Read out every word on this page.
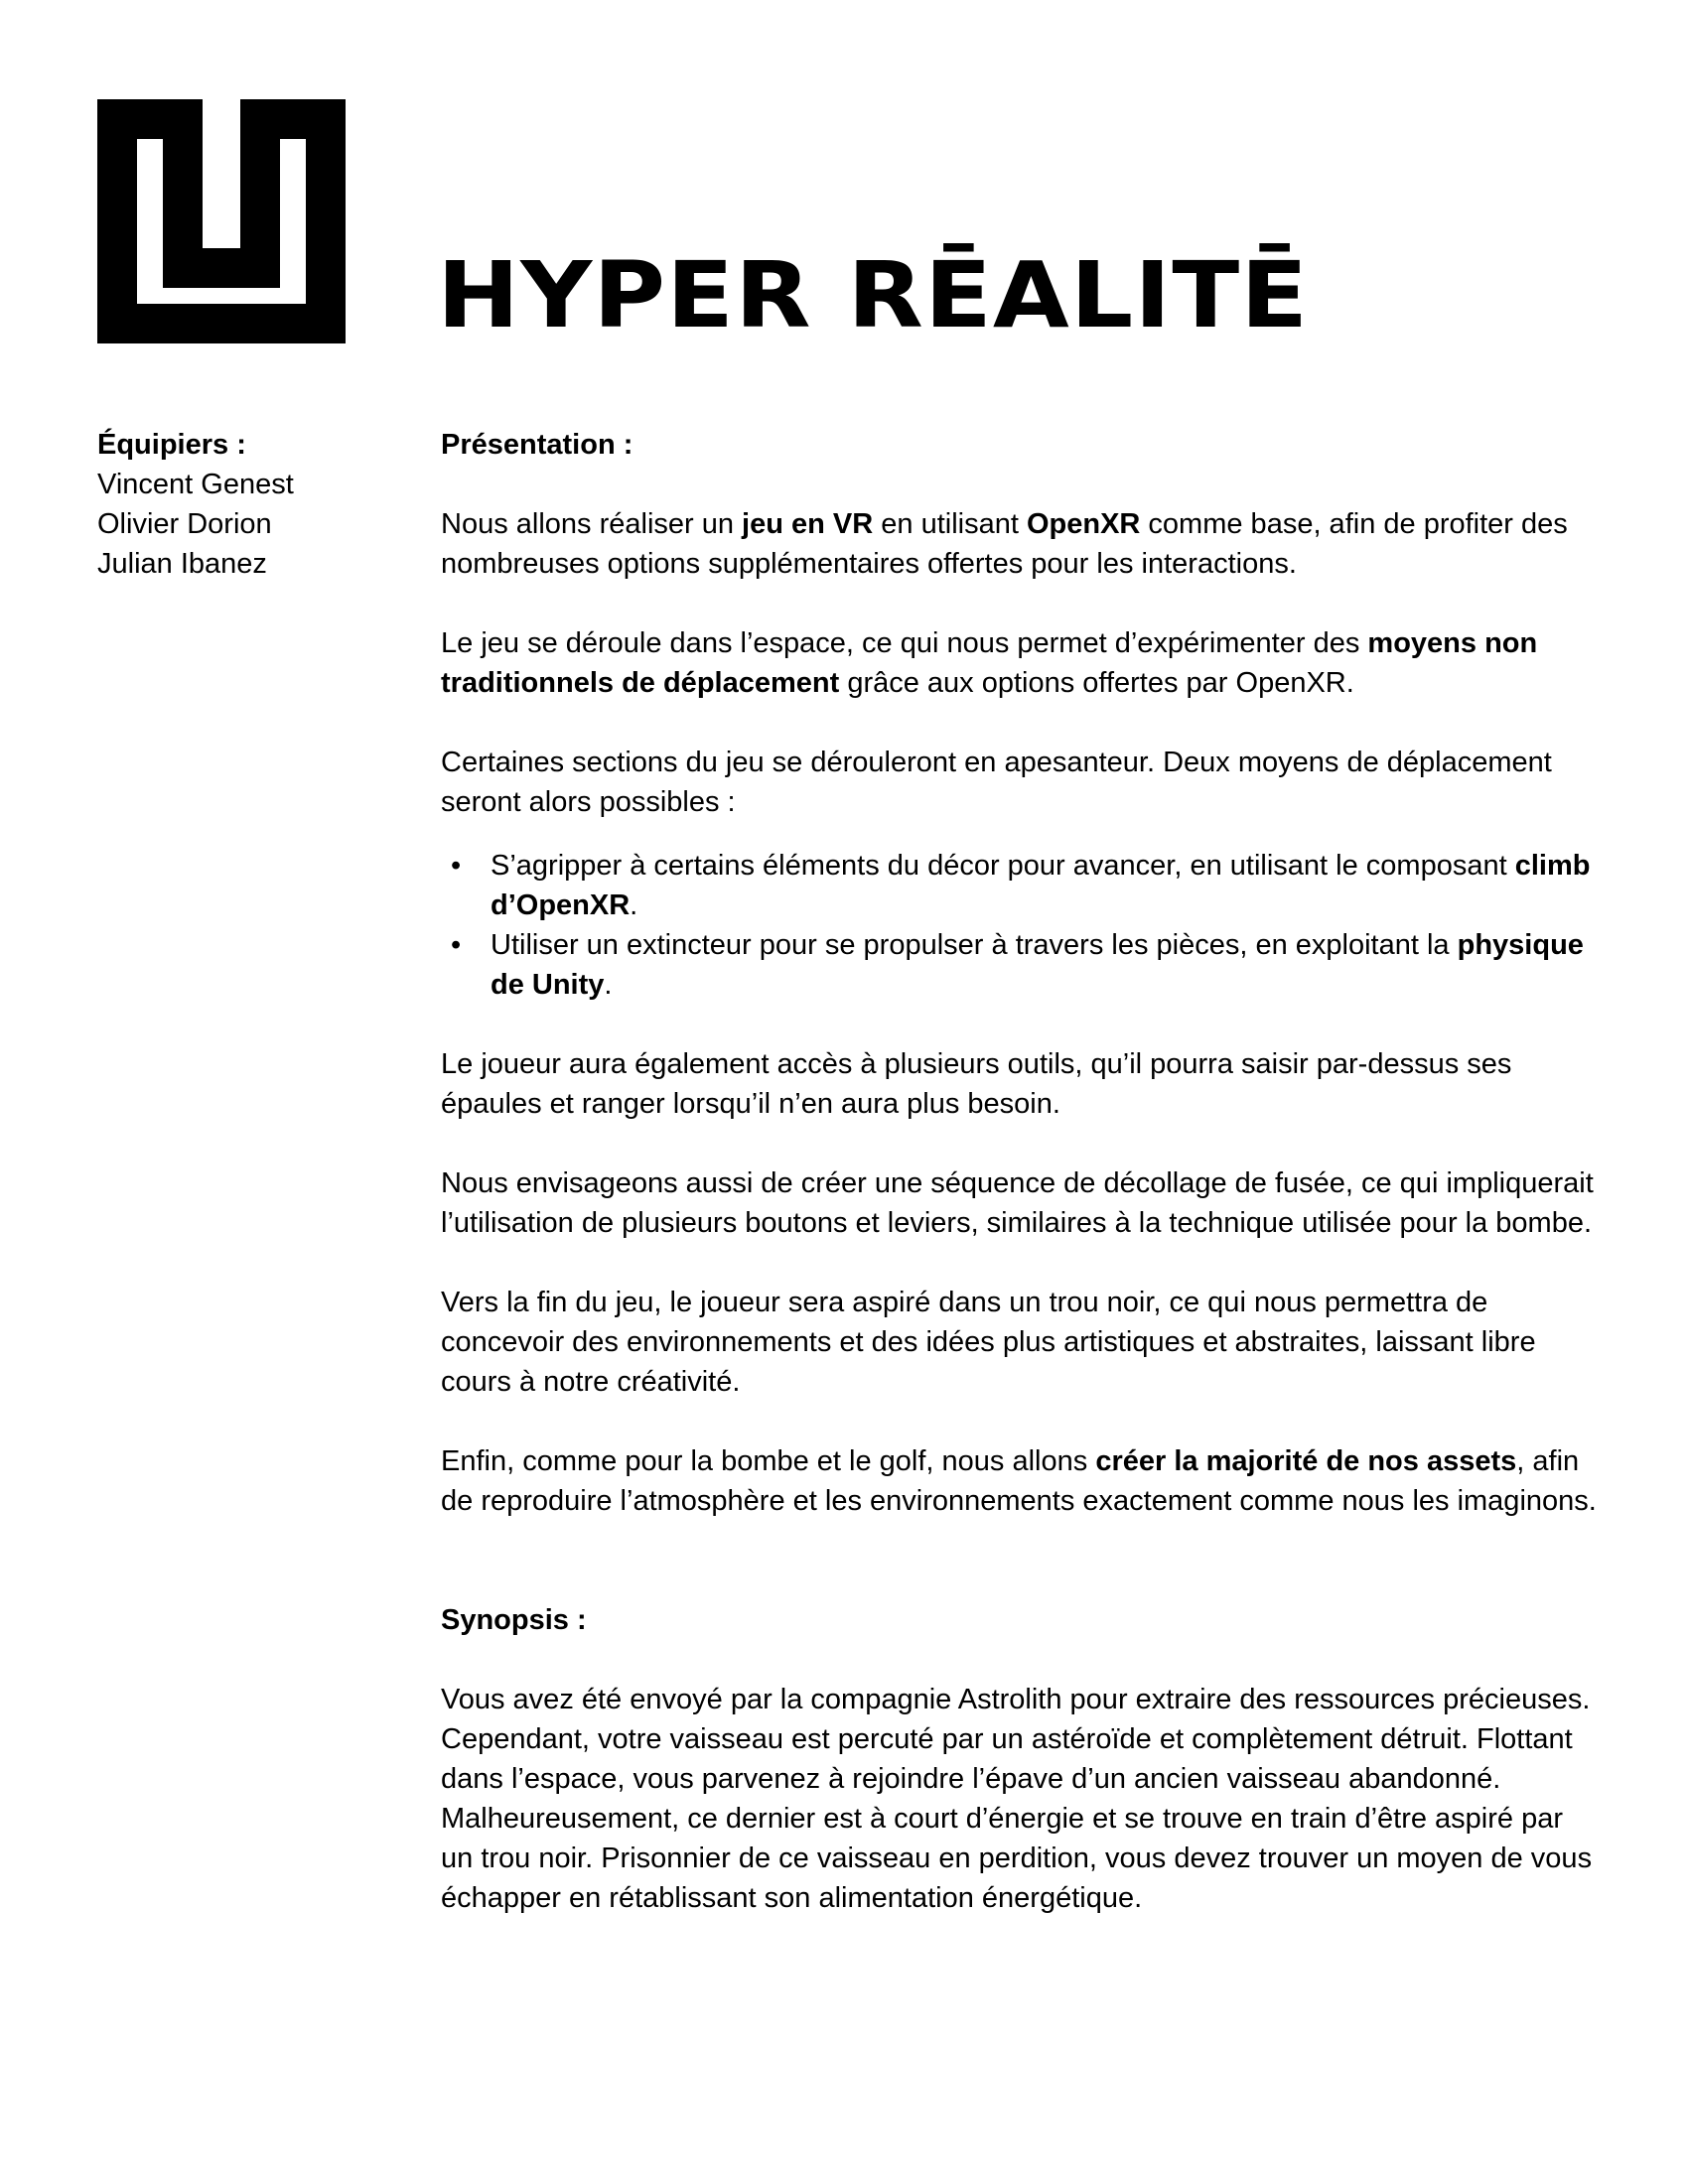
HYPER RĒALITĒ
Équipiers :
Vincent Genest
Olivier Dorion
Julian Ibanez
Présentation :

Nous allons réaliser un jeu en VR en utilisant OpenXR comme base, afin de profiter des nombreuses options supplémentaires offertes pour les interactions.

Le jeu se déroule dans l’espace, ce qui nous permet d’expérimenter des moyens non traditionnels de déplacement grâce aux options offertes par OpenXR.

Certaines sections du jeu se dérouleront en apesanteur. Deux moyens de déplacement seront alors possibles :

• S’agripper à certains éléments du décor pour avancer, en utilisant le composant climb d’OpenXR.
• Utiliser un extincteur pour se propulser à travers les pièces, en exploitant la physique de Unity.

Le joueur aura également accès à plusieurs outils, qu’il pourra saisir par-dessus ses épaules et ranger lorsqu’il n’en aura plus besoin.

Nous envisageons aussi de créer une séquence de décollage de fusée, ce qui impliquerait l’utilisation de plusieurs boutons et leviers, similaires à la technique utilisée pour la bombe.

Vers la fin du jeu, le joueur sera aspiré dans un trou noir, ce qui nous permettra de concevoir des environnements et des idées plus artistiques et abstraites, laissant libre cours à notre créativité.

Enfin, comme pour la bombe et le golf, nous allons créer la majorité de nos assets, afin de reproduire l’atmosphère et les environnements exactement comme nous les imaginons.

Synopsis :

Vous avez été envoyé par la compagnie Astrolith pour extraire des ressources précieuses. Cependant, votre vaisseau est percuté par un astéroïde et complètement détruit. Flottant dans l’espace, vous parvenez à rejoindre l’épave d’un ancien vaisseau abandonné. Malheureusement, ce dernier est à court d’énergie et se trouve en train d’être aspiré par un trou noir. Prisonnier de ce vaisseau en perdition, vous devez trouver un moyen de vous échapper en rétablissant son alimentation énergétique.
